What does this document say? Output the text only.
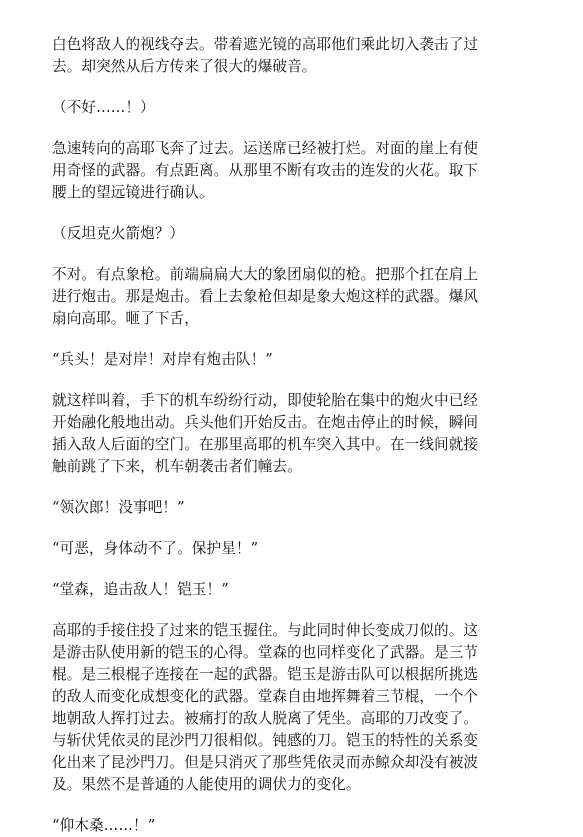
白色将敌人的视线夺去。带着遮光镜的高耶他们乘此切入袭击了过
去。却突然从后方传来了很大的爆破音。
（不好……！）
急速转向的高耶飞奔了过去。运送席已经被打烂。对面的崖上有使
用奇怪的武器。有点距离。从那里不断有攻击的连发的火花。取下
腰上的望远镜进行确认。
（反坦克火箭炮？）
不对。有点象枪。前端扁扁大大的象团扇似的枪。把那个扛在肩上
进行炮击。那是炮击。看上去象枪但却是象大炮这样的武器。爆风
扇向高耶。咂了下舌，
“兵头！是对岸！对岸有炮击队！”
就这样叫着，手下的机车纷纷行动，即使轮胎在集中的炮火中已经
开始融化般地出动。兵头他们开始反击。在炮击停止的时候，瞬间
插入敌人后面的空门。在那里高耶的机车突入其中。在一线间就接
触前跳了下来，机车朝袭击者们幢去。
“领次郎！没事吧！”
“可恶，身体动不了。保护星！”
“堂森，追击敌人！铠玉！”
高耶的手接住投了过来的铠玉握住。与此同时伸长变成刀似的。这
是游击队使用新的铠玉的心得。堂森的也同样变化了武器。是三节
棍。是三根棍子连接在一起的武器。铠玉是游击队可以根据所挑选
的敌人而变化成想变化的武器。堂森自由地挥舞着三节棍，一个个
地朝敌人挥打过去。被痛打的敌人脱离了凭坐。高耶的刀改变了。
与斩伏凭依灵的昆沙門刀很相似。钝感的刀。铠玉的特性的关系变
化出来了昆沙門刀。但是只消灭了那些凭依灵而赤鲸众却没有被波
及。果然不是普通的人能使用的调伏力的变化。
“仰木桑……！”
